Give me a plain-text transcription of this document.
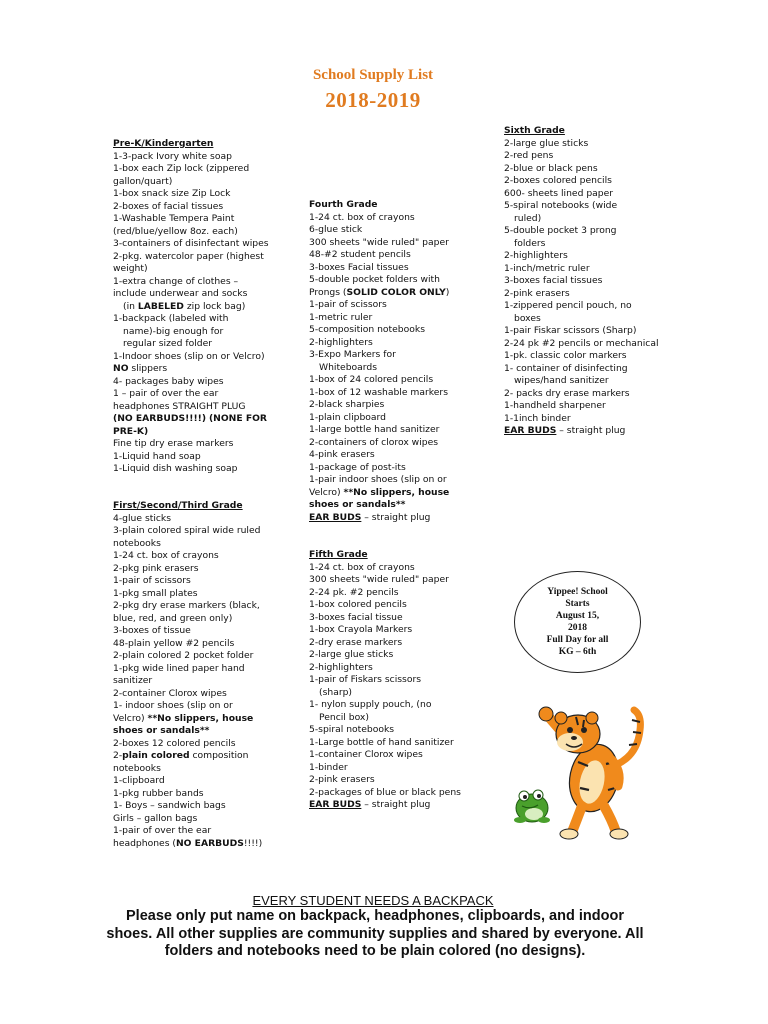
School Supply List
2018-2019
Pre-K/Kindergarten
1-3-pack Ivory white soap
1-box each Zip lock (zippered
gallon/quart)
1-box snack size Zip Lock
2-boxes of facial tissues
1-Washable Tempera Paint
(red/blue/yellow 8oz. each)
3-containers of disinfectant wipes
2-pkg. watercolor paper (highest
weight)
1-extra change of clothes –
include underwear and socks
(in LABELED zip lock bag)
1-backpack (labeled with
name)-big enough for
regular sized folder
1-Indoor shoes (slip on or Velcro)
NO slippers
4- packages baby wipes
1 – pair of over the ear
headphones STRAIGHT PLUG
(NO EARBUDS!!!!) (NONE FOR
PRE-K)
Fine tip dry erase markers
1-Liquid hand soap
1-Liquid dish washing soap
First/Second/Third Grade
4-glue sticks
3-plain colored spiral wide ruled
notebooks
1-24 ct. box of crayons
2-pkg pink erasers
1-pair of scissors
1-pkg small plates
2-pkg dry erase markers (black,
blue, red, and green only)
3-boxes of tissue
48-plain yellow #2 pencils
2-plain colored 2 pocket folder
1-pkg wide lined paper hand
sanitizer
2-container Clorox wipes
1- indoor shoes (slip on or
Velcro) **No slippers, house
shoes or sandals**
2-boxes 12 colored pencils
2-plain colored composition
notebooks
1-clipboard
1-pkg rubber bands
1- Boys – sandwich bags
Girls – gallon bags
1-pair of over the ear
headphones (NO EARBUDS!!!!)
Fourth Grade
1-24 ct. box of crayons
6-glue stick
300 sheets "wide ruled" paper
48-#2 student pencils
3-boxes Facial tissues
5-double pocket folders with
Prongs (SOLID COLOR ONLY)
1-pair of scissors
1-metric ruler
5-composition notebooks
2-highlighters
3-Expo Markers for
Whiteboards
1-box of 24 colored pencils
1-box of 12 washable markers
2-black sharpies
1-plain clipboard
1-large bottle hand sanitizer
2-containers of clorox wipes
4-pink erasers
1-package of post-its
1-pair indoor shoes (slip on or
Velcro) **No slippers, house
shoes or sandals**
EAR BUDS – straight plug
Fifth Grade
1-24 ct. box of crayons
300 sheets "wide ruled" paper
2-24 pk. #2 pencils
1-box colored pencils
3-boxes facial tissue
1-box Crayola Markers
2-dry erase markers
2-large glue sticks
2-highlighters
1-pair of Fiskars scissors
(sharp)
1- nylon supply pouch, (no
Pencil box)
5-spiral notebooks
1-Large bottle of hand sanitizer
1-container Clorox wipes
1-binder
2-pink erasers
2-packages of blue or black pens
EAR BUDS – straight plug
Sixth Grade
2-large glue sticks
2-red pens
2-blue or black pens
2-boxes colored pencils
600- sheets lined paper
5-spiral notebooks (wide
ruled)
5-double pocket 3 prong
folders
2-highlighters
1-inch/metric ruler
3-boxes facial tissues
2-pink erasers
1-zippered pencil pouch, no
boxes
1-pair Fiskar scissors (Sharp)
2-24 pk #2 pencils or mechanical
1-pk. classic color markers
1- container of disinfecting
wipes/hand sanitizer
2- packs dry erase markers
1-handheld sharpener
1-1inch binder
EAR BUDS – straight plug
Yippee! School
Starts
August 15,
2018
Full Day for all
KG – 6th
EVERY STUDENT NEEDS A BACKPACK
Please only put name on backpack, headphones, clipboards, and indoor shoes. All other supplies are community supplies and shared by everyone. All folders and notebooks need to be plain colored (no designs).
